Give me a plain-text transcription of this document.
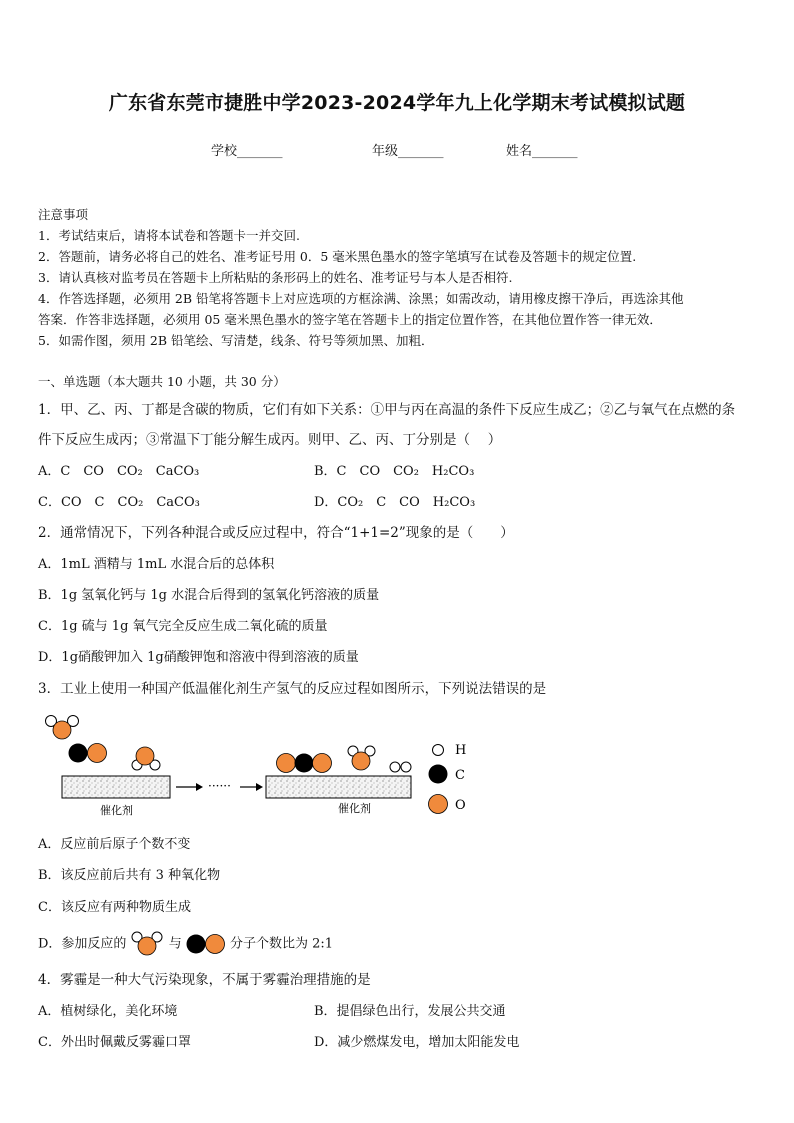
广东省东莞市捷胜中学2023-2024学年九上化学期末考试模拟试题
学校_______	年级_______	姓名_______
注意事项
1．考试结束后，请将本试卷和答题卡一并交回.
2．答题前，请务必将自己的姓名、准考证号用 0．5 毫米黑色墨水的签字笔填写在试卷及答题卡的规定位置.
3．请认真核对监考员在答题卡上所粘贴的条形码上的姓名、准考证号与本人是否相符.
4．作答选择题，必须用 2B 铅笔将答题卡上对应选项的方框涂满、涂黑；如需改动，请用橡皮擦干净后，再选涂其他
答案．作答非选择题，必须用 05 毫米黑色墨水的签字笔在答题卡上的指定位置作答，在其他位置作答一律无效．
5．如需作图，须用 2B 铅笔绘、写清楚，线条、符号等须加黑、加粗．
一、单选题（本大题共 10 小题，共 30 分）
1．甲、乙、丙、丁都是含碳的物质，它们有如下关系：①甲与丙在高温的条件下反应生成乙；②乙与氧气在点燃的条
件下反应生成丙；③常温下丁能分解生成丙。则甲、乙、丙、丁分别是（　 ）
A．C　CO　CO₂　CaCO₃	B．C　CO　CO₂　H₂CO₃
C．CO　C　CO₂　CaCO₃	D．CO₂　C　CO　H₂CO₃
2．通常情况下，下列各种混合或反应过程中，符合“1+1=2”现象的是（　　）
A．1mL 酒精与 1mL 水混合后的总体积
B．1g 氢氧化钙与 1g 水混合后得到的氢氧化钙溶液的质量
C．1g 硫与 1g 氧气完全反应生成二氧化硫的质量
D．1g硝酸钾加入 1g硝酸钾饱和溶液中得到溶液的质量
3．工业上使用一种国产低温催化剂生产氢气的反应过程如图所示，下列说法错误的是
催化剂
······
催化剂
H
C
O
A．反应前后原子个数不变
B．该反应前后共有 3 种氧化物
C．该反应有两种物质生成
D．参加反应的	与	分子个数比为 2:1
4．雾霾是一种大气污染现象，不属于雾霾治理措施的是
A．植树绿化，美化环境	B．提倡绿色出行，发展公共交通
C．外出时佩戴反雾霾口罩	D．减少燃煤发电，增加太阳能发电
